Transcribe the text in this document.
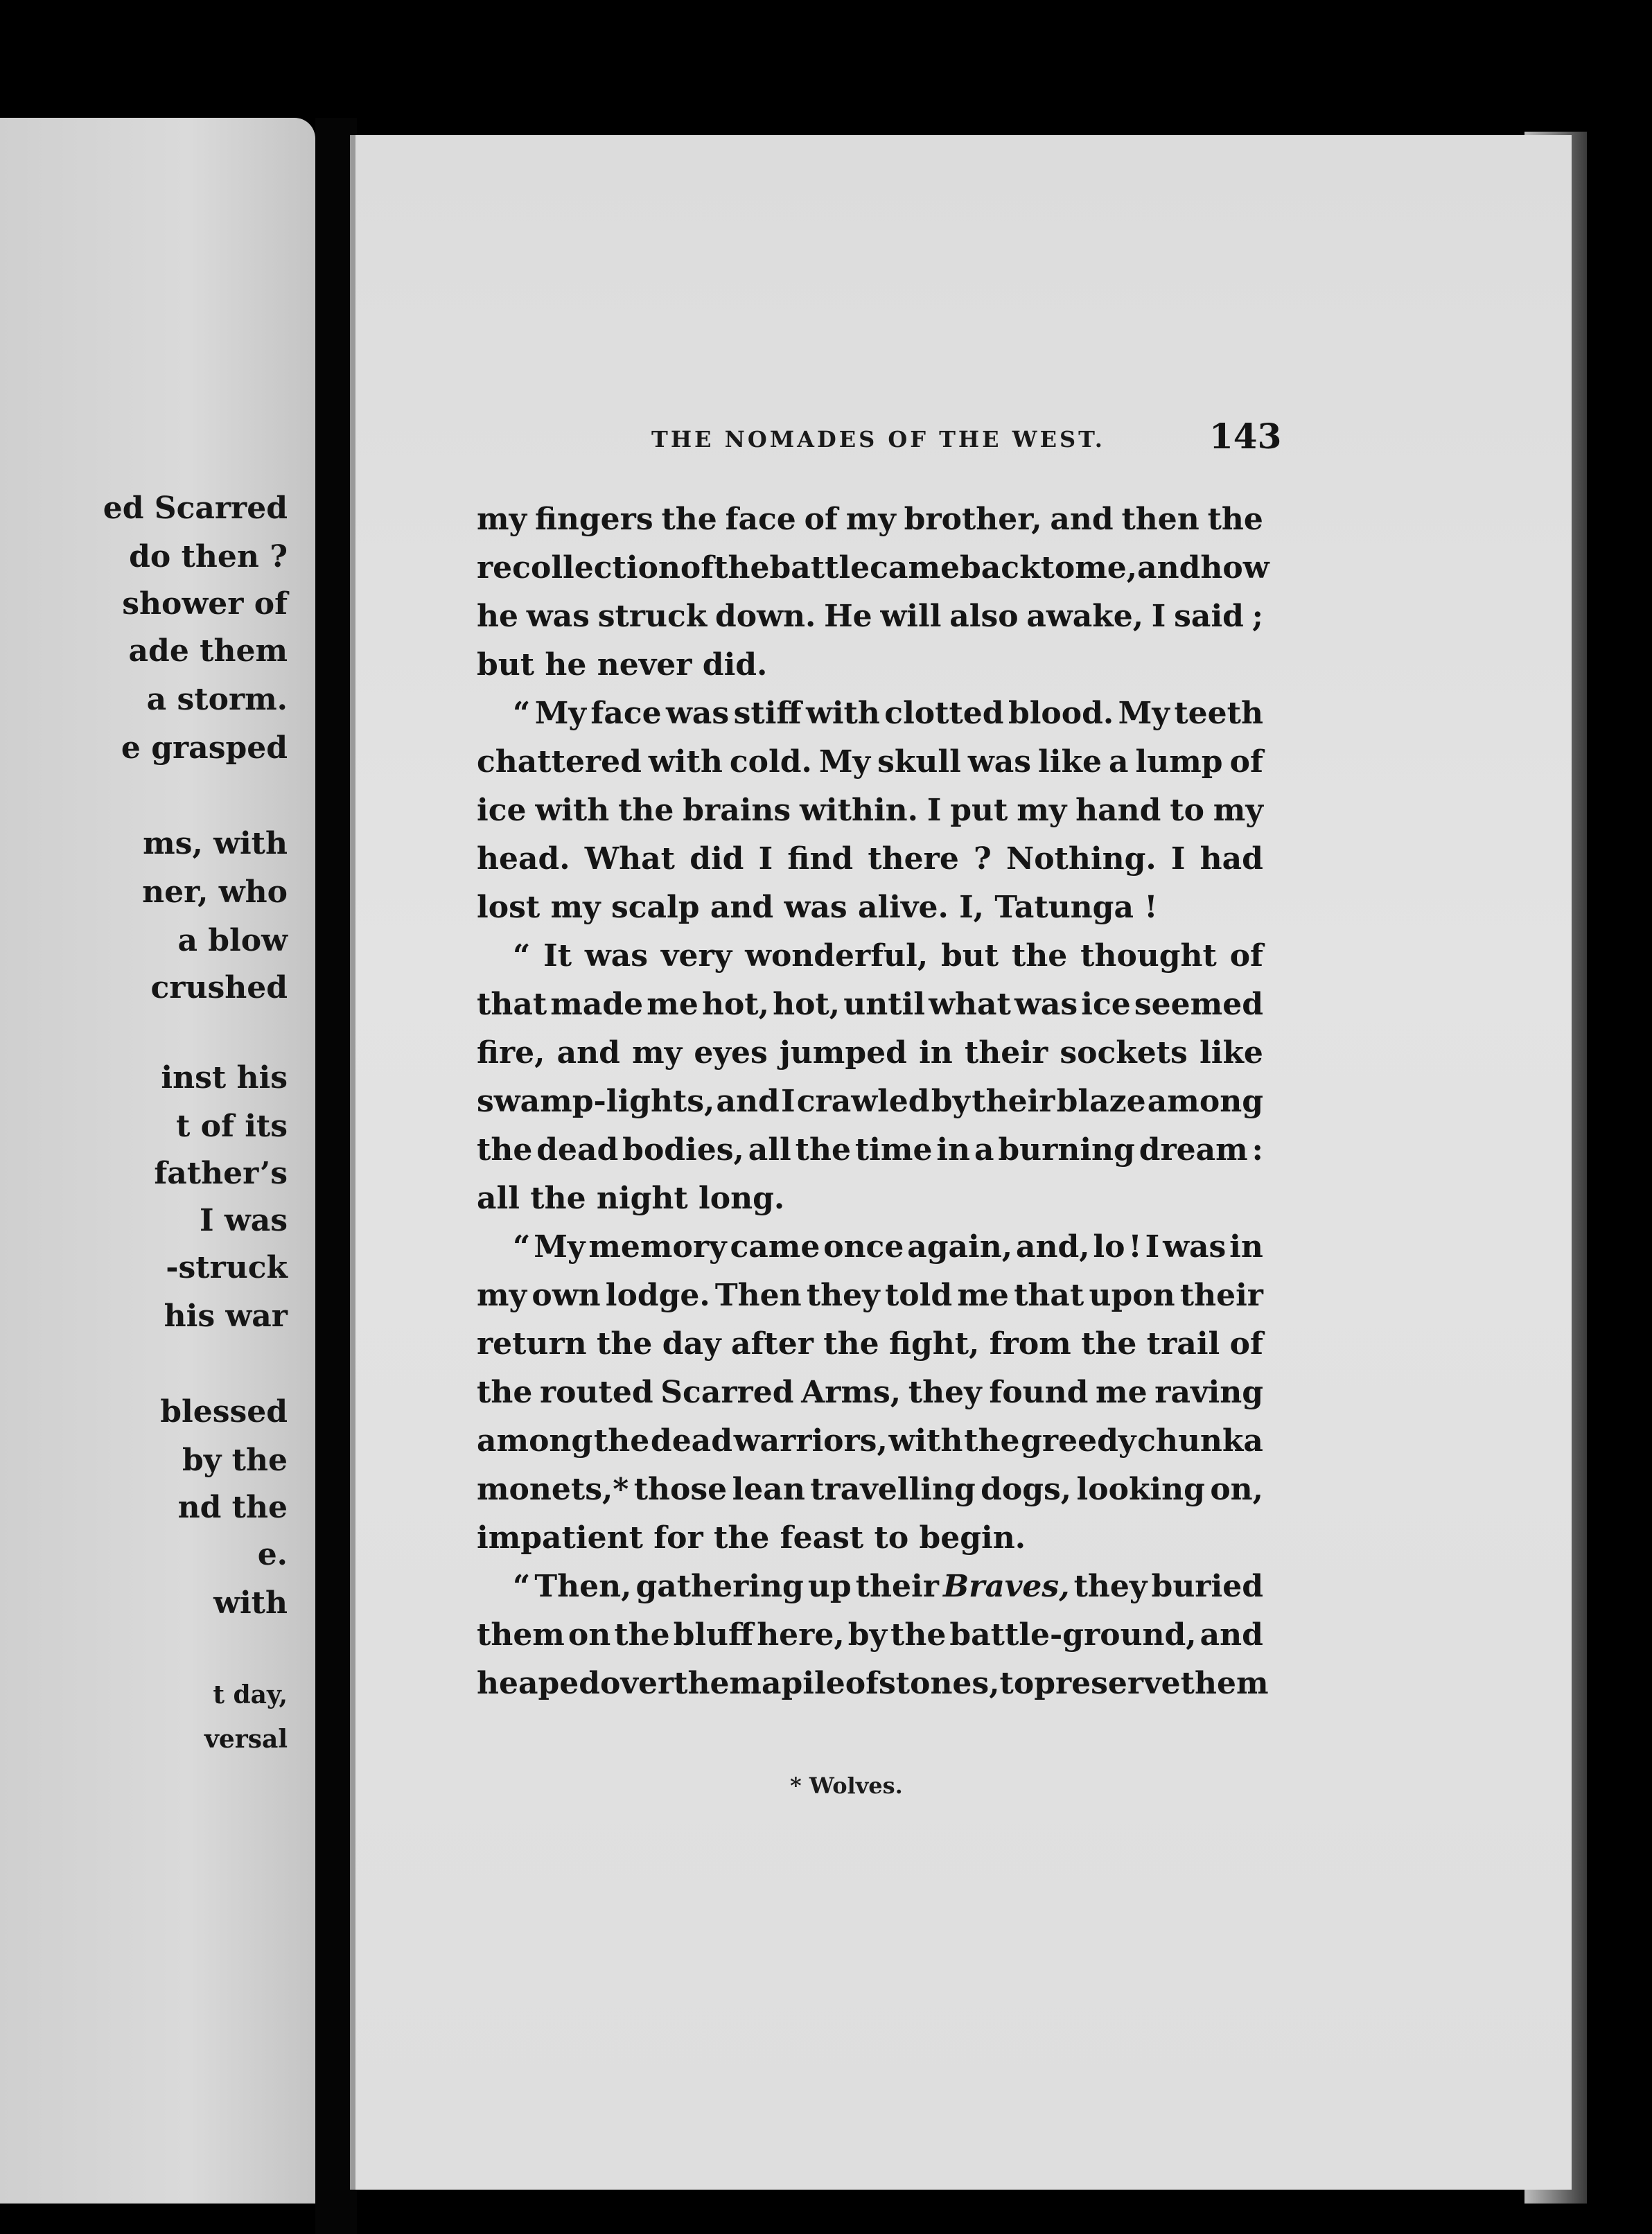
ed Scarred
do then ?
shower of
ade them
a storm.
e grasped
ms, with
ner, who
a blow
crushed
inst his
t of its
father’s
I was
-struck
his war
blessed
by the
nd the
e.
with
t day,
versal
THE NOMADES OF THE WEST.	143
my fingers the face of my brother, and then the
recollection of the battle came back to me, and how
he was struck down. He will also awake, I said ;
but
he
never
did.
“ My face was stiff with clotted blood. My teeth
chattered with cold. My skull was like a lump of
ice with the brains within. I put my hand to my
head. What did I find there ? Nothing. I had
lost
my
scalp
and
was
alive.
I,
Tatunga
!
“ It was very wonderful, but the thought of
that made me hot, hot, until what was ice seemed
fire, and my eyes jumped in their sockets like
swamp-lights, and I crawled by their blaze among
the dead bodies, all the time in a burning dream :
all
the
night
long.
“ My memory came once again, and, lo ! I was in
my own lodge. Then they told me that upon their
return the day after the fight, from the trail of
the routed Scarred Arms, they found me raving
among the dead warriors, with the greedy chunka
monets,* those lean travelling dogs, looking on,
impatient
for
the
feast
to
begin.
“ Then, gathering up their Braves, they buried
them on the bluff here, by the battle-ground, and
heaped over them a pile of stones, to preserve them
* Wolves.
